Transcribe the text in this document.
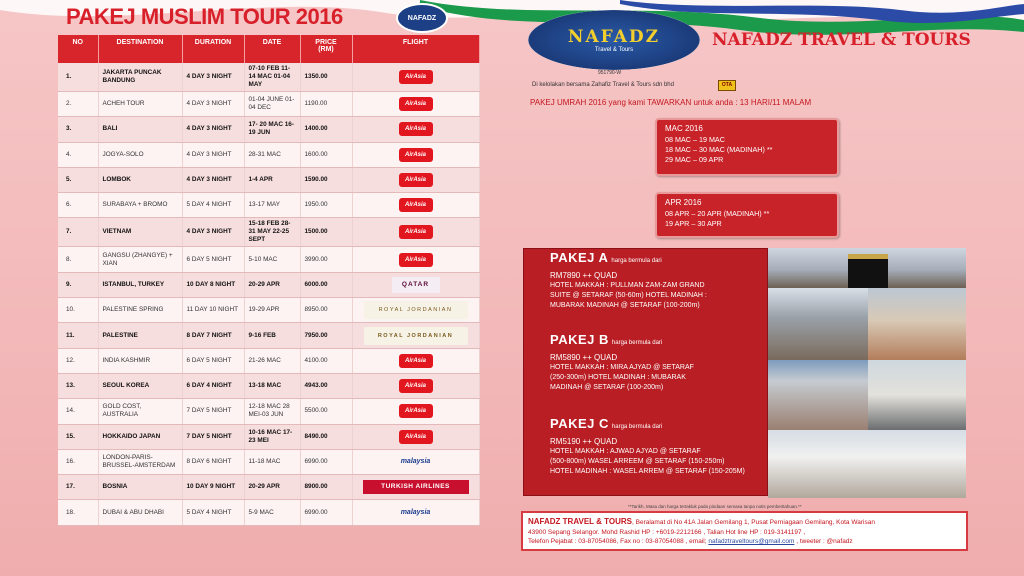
PAKEJ MUSLIM TOUR 2016	NAFADZ
NO	DESTINATION	DURATION	DATE	PRICE
(RM)	FLIGHT
1.	JAKARTA PUNCAK BANDUNG	4 DAY 3 NIGHT	07-10 FEB 11-14 MAC 01-04 MAY	1350.00	AirAsia
2.	ACHEH TOUR	4 DAY 3 NIGHT	01-04 JUNE 01-04 DEC	1190.00	AirAsia
3.	BALI	4 DAY 3 NIGHT	17- 20 MAC 16-19 JUN	1400.00	AirAsia
4.	JOGYA-SOLO	4 DAY 3 NIGHT	28-31 MAC	1600.00	AirAsia
5.	LOMBOK	4 DAY 3 NIGHT	1-4 APR	1590.00	AirAsia
6.	SURABAYA + BROMO	5 DAY 4 NIGHT	13-17 MAY	1950.00	AirAsia
7.	VIETNAM	4 DAY 3 NIGHT	15-18 FEB 28-31 MAY 22-25 SEPT	1500.00	AirAsia
8.	GANGSU (ZHANGYE) + XIAN	6 DAY 5 NIGHT	5-10 MAC	3990.00	AirAsia
9.	ISTANBUL, TURKEY	10 DAY 8 NIGHT	20-29 APR	6000.00	QATAR
10.	PALESTINE SPRING	11 DAY 10 NIGHT	19-29 APR	8950.00	ROYAL JORDANIAN
11.	PALESTINE	8 DAY 7 NIGHT	9-16 FEB	7950.00	ROYAL JORDANIAN
12.	INDIA KASHMIR	6 DAY 5 NIGHT	21-26 MAC	4100.00	AirAsia
13.	SEOUL KOREA	6 DAY 4 NIGHT	13-18 MAC	4943.00	AirAsia
14.	GOLD COST, AUSTRALIA	7 DAY 5 NIGHT	12-18 MAC 28 MEI-03 JUN	5500.00	AirAsia
15.	HOKKAIDO JAPAN	7 DAY 5 NIGHT	10-16 MAC 17-23 MEI	8490.00	AirAsia
16.	LONDON-PARIS-BRUSSEL-AMSTERDAM	8 DAY 6 NIGHT	11-18 MAC	6990.00	malaysia
17.	BOSNIA	10 DAY 9 NIGHT	20-29 APR	8900.00	TURKISH AIRLINES
18.	DUBAI & ABU DHABI	5 DAY 4 NIGHT	5-9 MAC	6990.00	malaysia
NAFADZ
Travel & Tours	NAFADZ TRAVEL & TOURS
951790-W
Di kelolakan bersama Zahafiz Travel & Tours sdn bhd	OTA
PAKEJ UMRAH 2016 yang kami TAWARKAN untuk anda : 13 HARI/11 MALAM
MAC 2016
08 MAC – 19 MAC
18 MAC – 30 MAC (MADINAH) **
29 MAC – 09 APR
APR 2016
08 APR – 20 APR (MADINAH) **
19 APR – 30 APR
PAKEJ A harga bermula dari
RM7890 ++ QUAD
HOTEL MAKKAH : PULLMAN ZAM-ZAM GRAND
SUITE @ SETARAF (50-60m) HOTEL MADINAH :
MUBARAK MADINAH @ SETARAF (100-200m)
PAKEJ B harga bermula dari
RM5890 ++ QUAD
HOTEL MAKKAH : MIRA AJYAD @ SETARAF
(250-300m) HOTEL MADINAH : MUBARAK
MADINAH @ SETARAF (100-200m)
PAKEJ C harga bermula dari
RM5190 ++ QUAD
HOTEL MAKKAH : AJWAD AJYAD @ SETARAF
(500-800m) WASEL ARREEM @ SETARAF (150-250m)
HOTEL MADINAH : WASEL ARREM @ SETARAF (150-205M)
**Tarikh, Masa dan harga tertakluk pada pindaan semasa tanpa notis pemberitahuan.**
NAFADZ TRAVEL & TOURS, Beralamat di No 41A Jalan Gemilang 1, Pusat Perniagaan Gemilang, Kota Warisan
43900 Sepang Selangor. Mohd Rashid HP : +6019-2212166 , Talian Hot line HP : 019-3141197 ,
Telefon Pejabat : 03-87054086, Fax no : 03-87054088 , email; nafadztraveltours@gmail.com , tweeter : @nafadz
